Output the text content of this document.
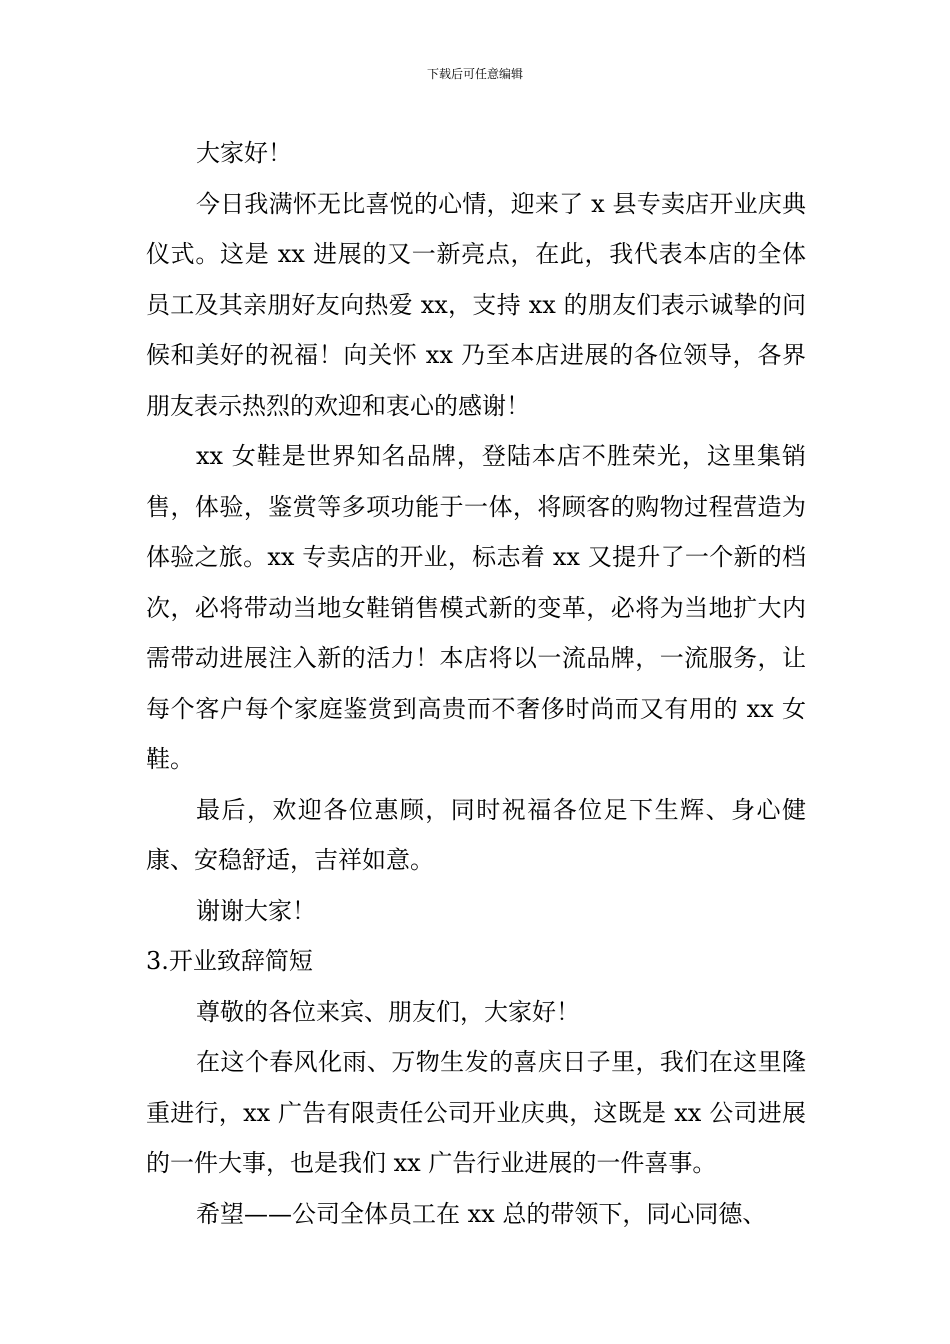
下载后可任意编辑

大家好！

今日我满怀无比喜悦的心情，迎来了 x 县专卖店开业庆典仪式。这是 xx 进展的又一新亮点，在此，我代表本店的全体员工及其亲朋好友向热爱 xx，支持 xx 的朋友们表示诚挚的问候和美好的祝福！向关怀 xx 乃至本店进展的各位领导，各界朋友表示热烈的欢迎和衷心的感谢！

xx 女鞋是世界知名品牌，登陆本店不胜荣光，这里集销售，体验，鉴赏等多项功能于一体，将顾客的购物过程营造为体验之旅。xx 专卖店的开业，标志着 xx 又提升了一个新的档次，必将带动当地女鞋销售模式新的变革，必将为当地扩大内需带动进展注入新的活力！本店将以一流品牌，一流服务，让每个客户每个家庭鉴赏到高贵而不奢侈时尚而又有用的 xx 女鞋。

最后，欢迎各位惠顾，同时祝福各位足下生辉、身心健康、安稳舒适，吉祥如意。

谢谢大家！

3.开业致辞简短

尊敬的各位来宾、朋友们，大家好！

在这个春风化雨、万物生发的喜庆日子里，我们在这里隆重进行，xx 广告有限责任公司开业庆典，这既是 xx 公司进展的一件大事，也是我们 xx 广告行业进展的一件喜事。

希望——公司全体员工在 xx 总的带领下，同心同德、
